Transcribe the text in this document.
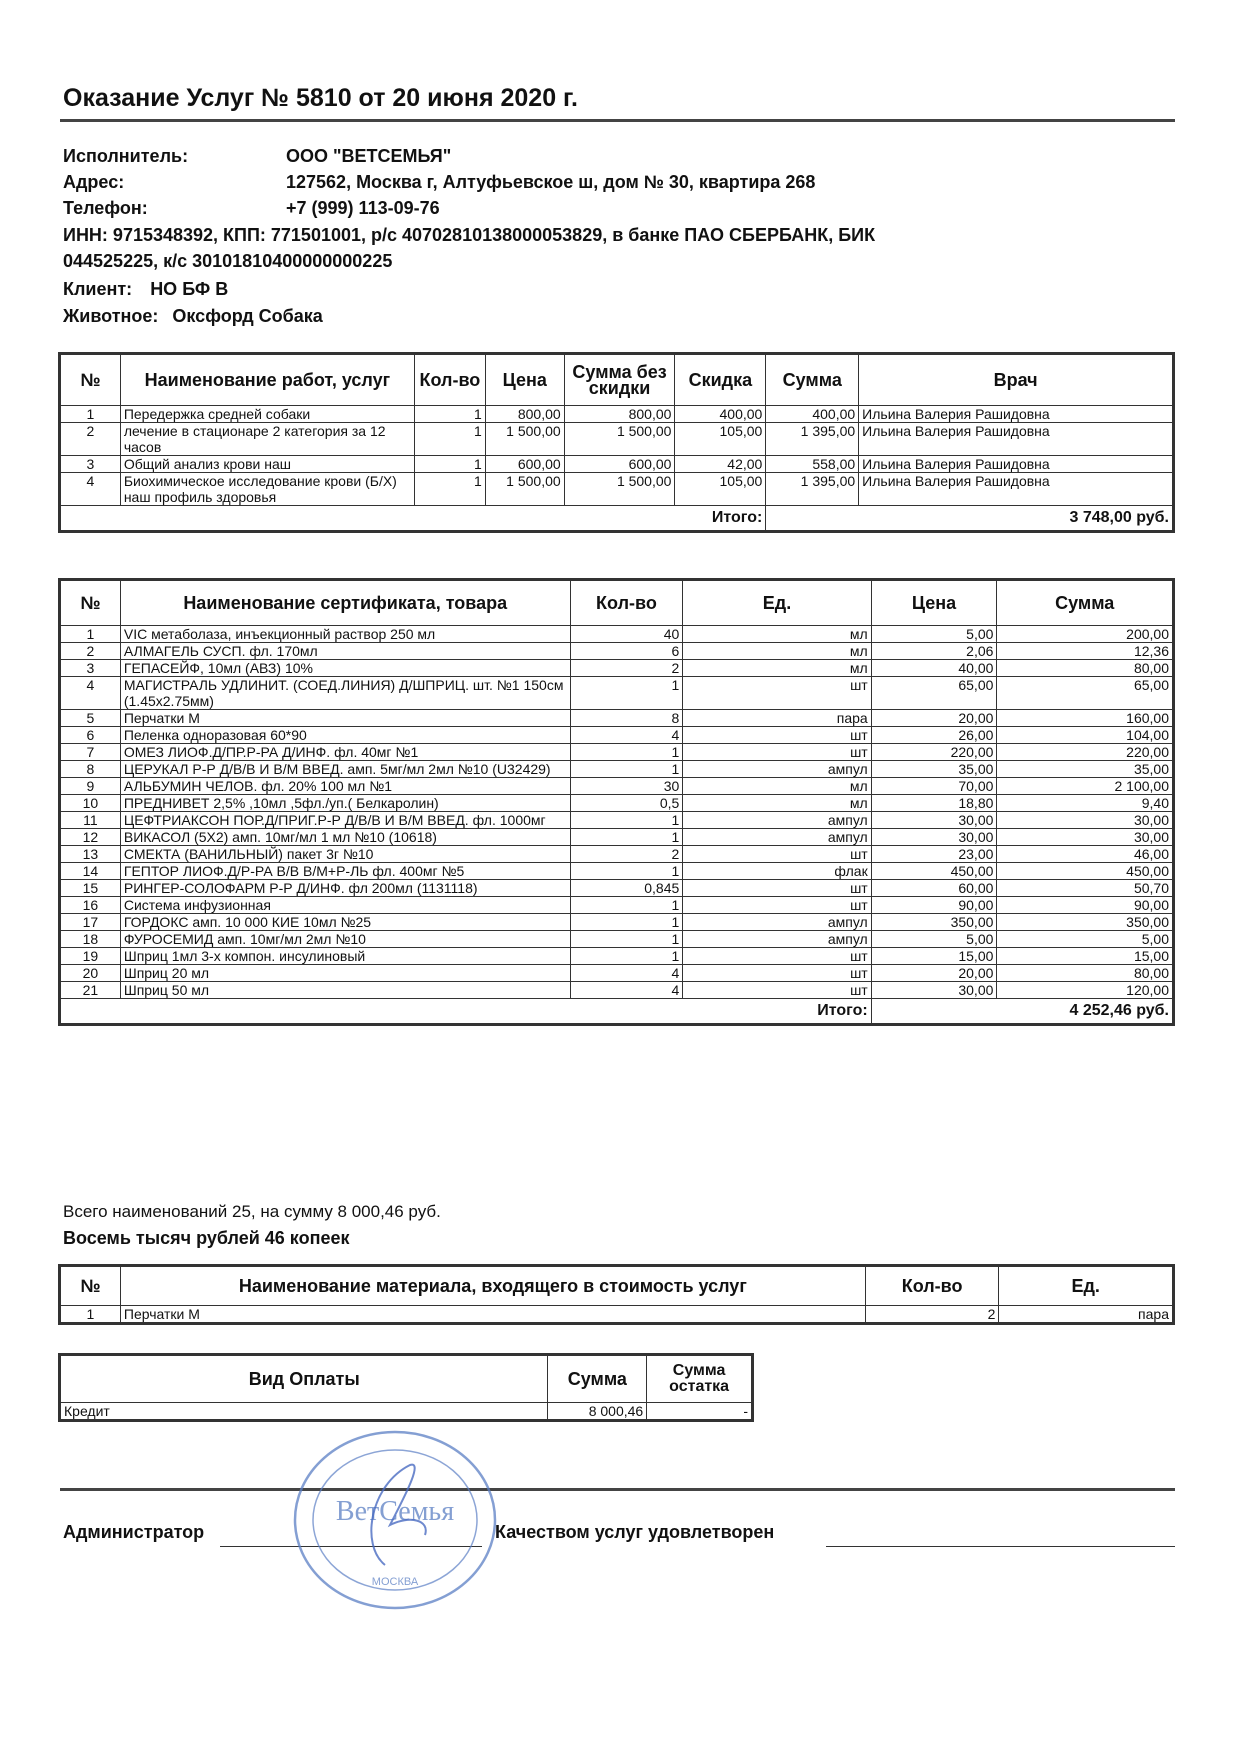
Оказание Услуг № 5810 от 20 июня 2020 г.
Исполнитель:	ООО "ВЕТСЕМЬЯ"
Адрес:	127562, Москва г, Алтуфьевское ш, дом № 30, квартира 268
Телефон:	+7 (999) 113-09-76
ИНН: 9715348392, КПП: 771501001, р/с 40702810138000053829, в банке ПАО СБЕРБАНК, БИК
044525225, к/с 30101810400000000225
Клиент: НО БФ В
Животное: Оксфорд Собака
№	Наименование работ, услуг	Кол-во	Цена	Сумма без скидки	Скидка	Сумма	Врач
1	Передержка средней собаки	1	800,00	800,00	400,00	400,00	Ильина Валерия Рашидовна
2	лечение в стационаре 2 категория за 12 часов	1	1 500,00	1 500,00	105,00	1 395,00	Ильина Валерия Рашидовна
3	Общий анализ крови наш	1	600,00	600,00	42,00	558,00	Ильина Валерия Рашидовна
4	Биохимическое исследование крови (Б/Х) наш профиль здоровья	1	1 500,00	1 500,00	105,00	1 395,00	Ильина Валерия Рашидовна
Итого:						3 748,00 руб.	
№	Наименование сертификата, товара	Кол-во	Ед.	Цена	Сумма
1	VIC метаболаза, инъекционный раствор 250 мл	40	мл	5,00	200,00
2	АЛМАГЕЛЬ СУСП. фл. 170мл	6	мл	2,06	12,36
3	ГЕПАСЕЙФ, 10мл (АВЗ) 10%	2	мл	40,00	80,00
4	МАГИСТРАЛЬ УДЛИНИТ. (СОЕД.ЛИНИЯ) Д/ШПРИЦ. шт. №1 150см (1.45х2.75мм)	1	шт	65,00	65,00
5	Перчатки М	8	пара	20,00	160,00
6	Пеленка одноразовая 60*90	4	шт	26,00	104,00
7	ОМЕЗ ЛИОФ.Д/ПР.Р-РА Д/ИНФ. фл. 40мг №1	1	шт	220,00	220,00
8	ЦЕРУКАЛ Р-Р Д/В/В И В/М ВВЕД. амп. 5мг/мл 2мл №10 (U32429)	1	ампул	35,00	35,00
9	АЛЬБУМИН ЧЕЛОВ. фл. 20% 100 мл №1	30	мл	70,00	2 100,00
10	ПРЕДНИВЕТ 2,5% ,10мл ,5фл./уп.( Белкаролин)	0,5	мл	18,80	9,40
11	ЦЕФТРИАКСОН ПОР.Д/ПРИГ.Р-Р Д/В/В И В/М ВВЕД. фл. 1000мг	1	ампул	30,00	30,00
12	ВИКАСОЛ (5Х2) амп. 10мг/мл 1 мл №10 (10618)	1	ампул	30,00	30,00
13	СМЕКТА (ВАНИЛЬНЫЙ) пакет 3г №10	2	шт	23,00	46,00
14	ГЕПТОР ЛИОФ.Д/Р-РА В/В В/М+Р-ЛЬ фл. 400мг №5	1	флак	450,00	450,00
15	РИНГЕР-СОЛОФАРМ Р-Р Д/ИНФ. фл 200мл (1131118)	0,845	шт	60,00	50,70
16	Система инфузионная	1	шт	90,00	90,00
17	ГОРДОКС амп. 10 000 КИЕ 10мл №25	1	ампул	350,00	350,00
18	ФУРОСЕМИД амп. 10мг/мл 2мл №10	1	ампул	5,00	5,00
19	Шприц 1мл 3-х компон. инсулиновый	1	шт	15,00	15,00
20	Шприц 20 мл	4	шт	20,00	80,00
21	Шприц 50 мл	4	шт	30,00	120,00
Итого:				4 252,46 руб.	
Всего наименований 25, на сумму 8 000,46 руб.
Восемь тысяч рублей 46 копеек
№	Наименование материала, входящего в стоимость услуг	Кол-во	Ед.
1	Перчатки М	2	пара
Вид Оплаты	Сумма	Сумма остатка
Кредит	8 000,46	-
Администратор	Качеством услуг удовлетворен
ВетСемья
МОСКВА
